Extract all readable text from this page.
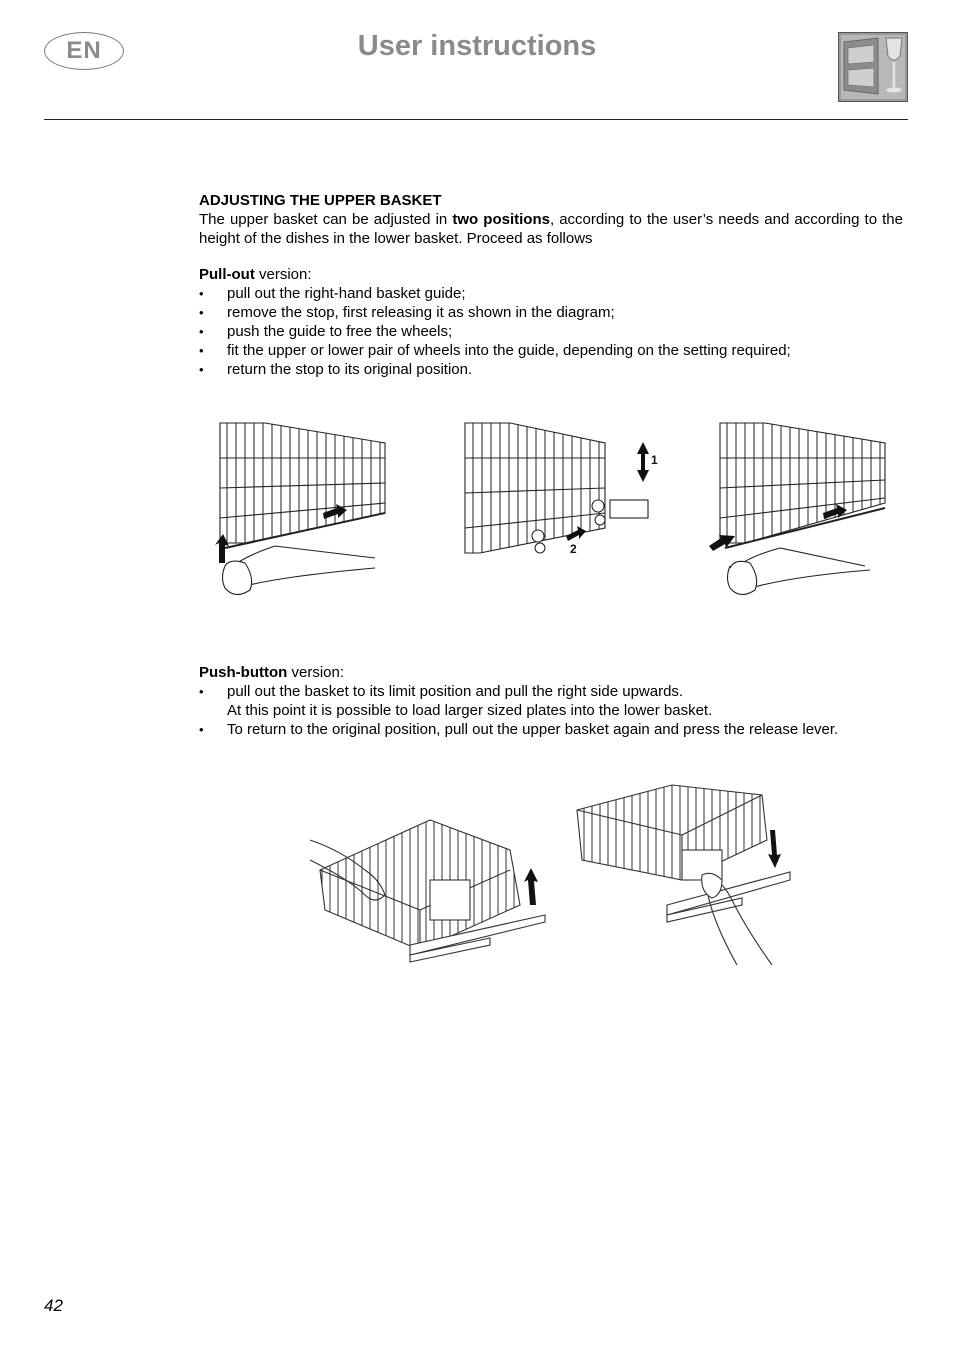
EN	User instructions

ADJUSTING THE UPPER BASKET

The upper basket can be adjusted in two positions, according to the user’s needs and according to the height of the dishes in the lower basket. Proceed as follows

Pull-out version:

• pull out the right-hand basket guide;
• remove the stop, first releasing it as shown in the diagram;
• push the guide to free the wheels;
• fit the upper or lower pair of wheels into the guide, depending on the setting required;
• return the stop to its original position.
1
2

Push-button version:

• pull out the basket to its limit position and pull the right side upwards.
At this point it is possible to load larger sized plates into the lower basket.
• To return to the original position, pull out the upper basket again and press the release lever.
42
